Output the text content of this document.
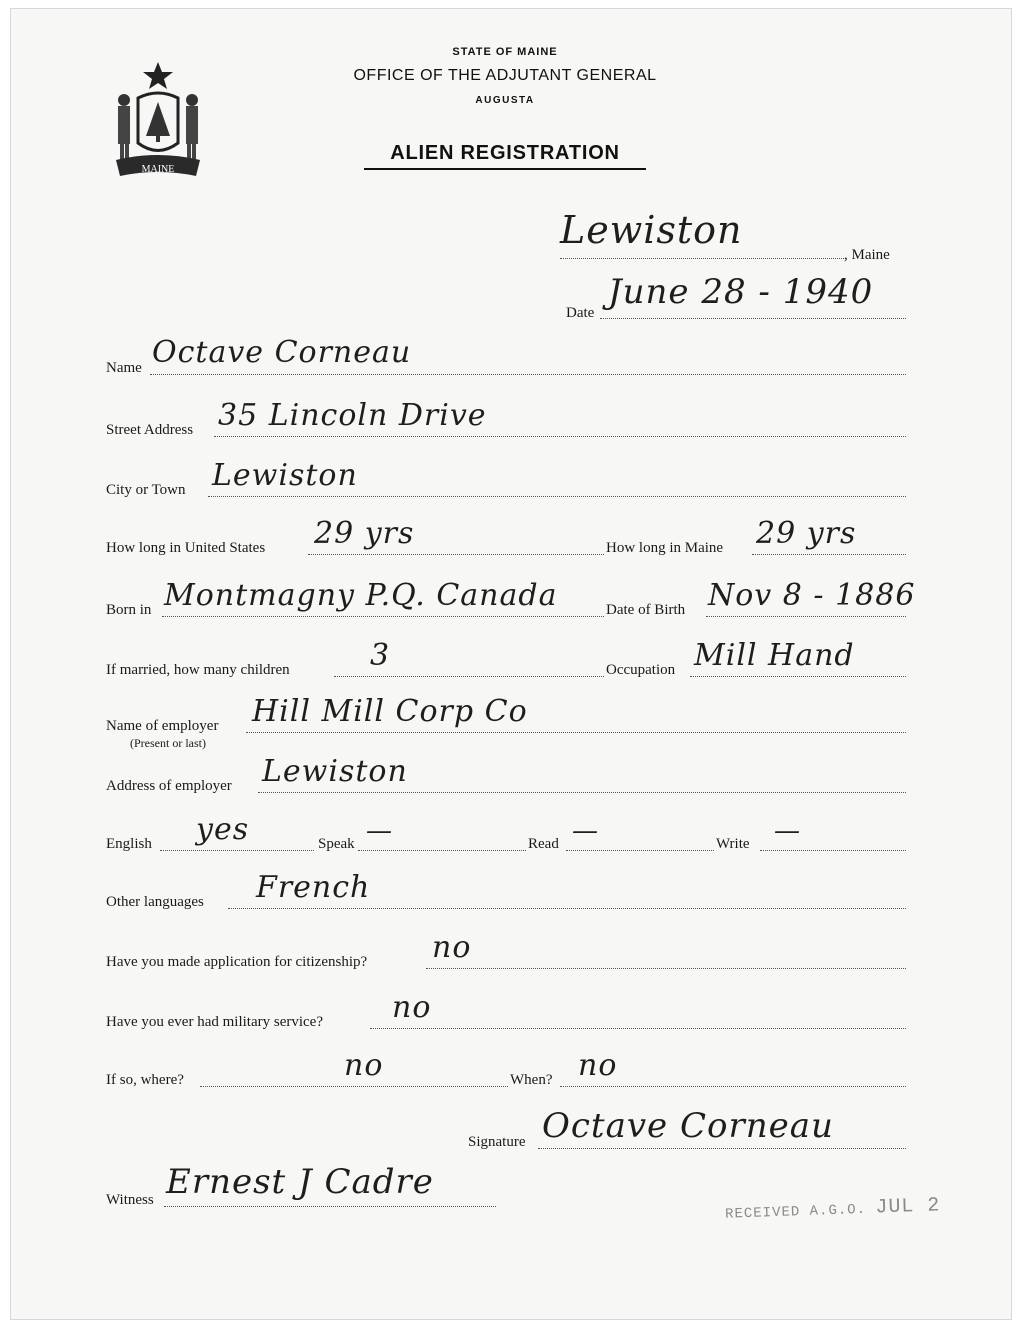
MAINE
STATE OF MAINE
OFFICE OF THE ADJUTANT GENERAL
AUGUSTA
ALIEN REGISTRATION
Lewiston
, Maine
Date
June 28 - 1940
Name Octave Corneau
Street Address 35 Lincoln Drive
City or Town Lewiston
How long in United States 29 yrs	How long in Maine 29 yrs
Born in Montmagny P.Q. Canada	Date of Birth Nov 8 - 1886
If married, how many children	3	Occupation Mill Hand
Name of employer
(Present or last)
Hill Mill Corp Co
Address of employer Lewiston
English yes	Speak —	Read —	Write —
Other languages French
Have you made application for citizenship? no
Have you ever had military service? no
If so, where?	no	When? no
Signature Octave Corneau
Witness Ernest J Cadre
RECEIVED A.G.O. JUL 2
